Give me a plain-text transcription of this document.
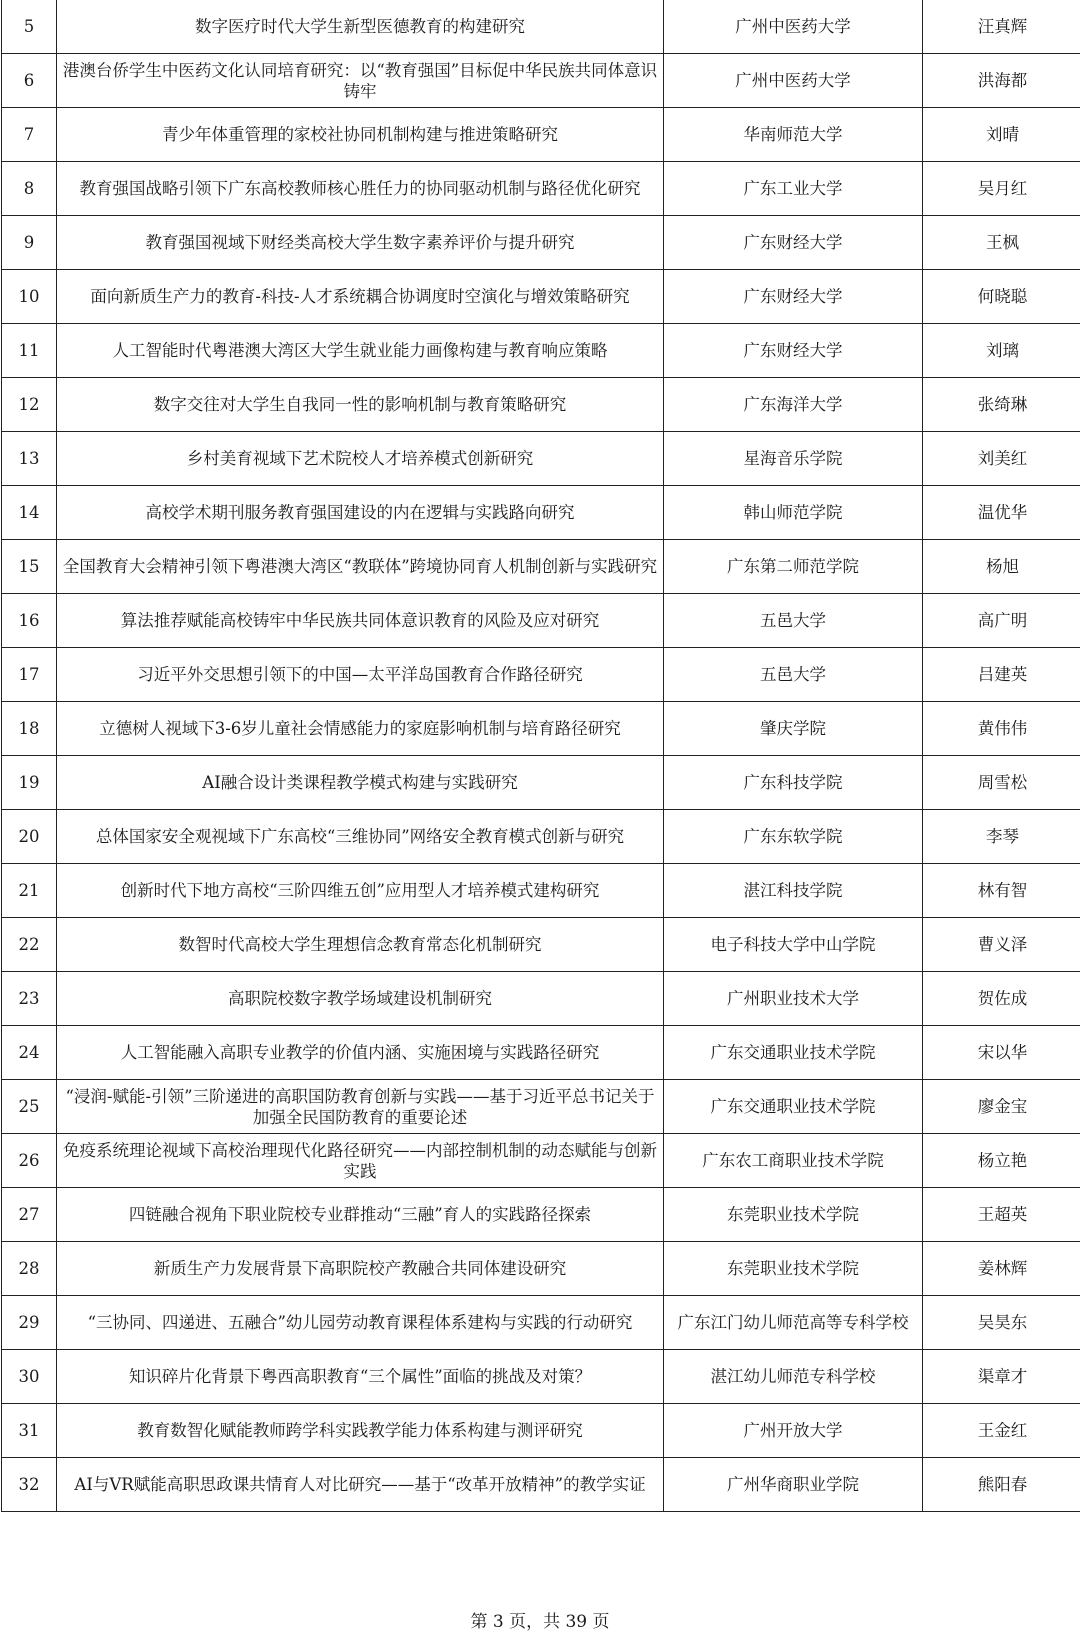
5	数字医疗时代大学生新型医德教育的构建研究	广州中医药大学	汪真辉
6	港澳台侨学生中医药文化认同培育研究：以“教育强国”目标促中华民族共同体意识铸牢	广州中医药大学	洪海都
7	青少年体重管理的家校社协同机制构建与推进策略研究	华南师范大学	刘晴
8	教育强国战略引领下广东高校教师核心胜任力的协同驱动机制与路径优化研究	广东工业大学	吴月红
9	教育强国视域下财经类高校大学生数字素养评价与提升研究	广东财经大学	王枫
10	面向新质生产力的教育-科技-人才系统耦合协调度时空演化与增效策略研究	广东财经大学	何晓聪
11	人工智能时代粤港澳大湾区大学生就业能力画像构建与教育响应策略	广东财经大学	刘璃
12	数字交往对大学生自我同一性的影响机制与教育策略研究	广东海洋大学	张绮琳
13	乡村美育视域下艺术院校人才培养模式创新研究	星海音乐学院	刘美红
14	高校学术期刊服务教育强国建设的内在逻辑与实践路向研究	韩山师范学院	温优华
15	全国教育大会精神引领下粤港澳大湾区“教联体”跨境协同育人机制创新与实践研究	广东第二师范学院	杨旭
16	算法推荐赋能高校铸牢中华民族共同体意识教育的风险及应对研究	五邑大学	高广明
17	习近平外交思想引领下的中国—太平洋岛国教育合作路径研究	五邑大学	吕建英
18	立德树人视域下3-6岁儿童社会情感能力的家庭影响机制与培育路径研究	肇庆学院	黄伟伟
19	AI融合设计类课程教学模式构建与实践研究	广东科技学院	周雪松
20	总体国家安全观视域下广东高校“三维协同”网络安全教育模式创新与研究	广东东软学院	李琴
21	创新时代下地方高校“三阶四维五创”应用型人才培养模式建构研究	湛江科技学院	林有智
22	数智时代高校大学生理想信念教育常态化机制研究	电子科技大学中山学院	曹义泽
23	高职院校数字教学场域建设机制研究	广州职业技术大学	贺佐成
24	人工智能融入高职专业教学的价值内涵、实施困境与实践路径研究	广东交通职业技术学院	宋以华
25	“浸润-赋能-引领”三阶递进的高职国防教育创新与实践——基于习近平总书记关于加强全民国防教育的重要论述	广东交通职业技术学院	廖金宝
26	免疫系统理论视域下高校治理现代化路径研究——内部控制机制的动态赋能与创新实践	广东农工商职业技术学院	杨立艳
27	四链融合视角下职业院校专业群推动“三融”育人的实践路径探索	东莞职业技术学院	王超英
28	新质生产力发展背景下高职院校产教融合共同体建设研究	东莞职业技术学院	姜林辉
29	“三协同、四递进、五融合”幼儿园劳动教育课程体系建构与实践的行动研究	广东江门幼儿师范高等专科学校	吴昊东
30	知识碎片化背景下粤西高职教育“三个属性”面临的挑战及对策？	湛江幼儿师范专科学校	渠章才
31	教育数智化赋能教师跨学科实践教学能力体系构建与测评研究	广州开放大学	王金红
32	AI与VR赋能高职思政课共情育人对比研究——基于“改革开放精神”的教学实证	广州华商职业学院	熊阳春
第 3 页，共 39 页
